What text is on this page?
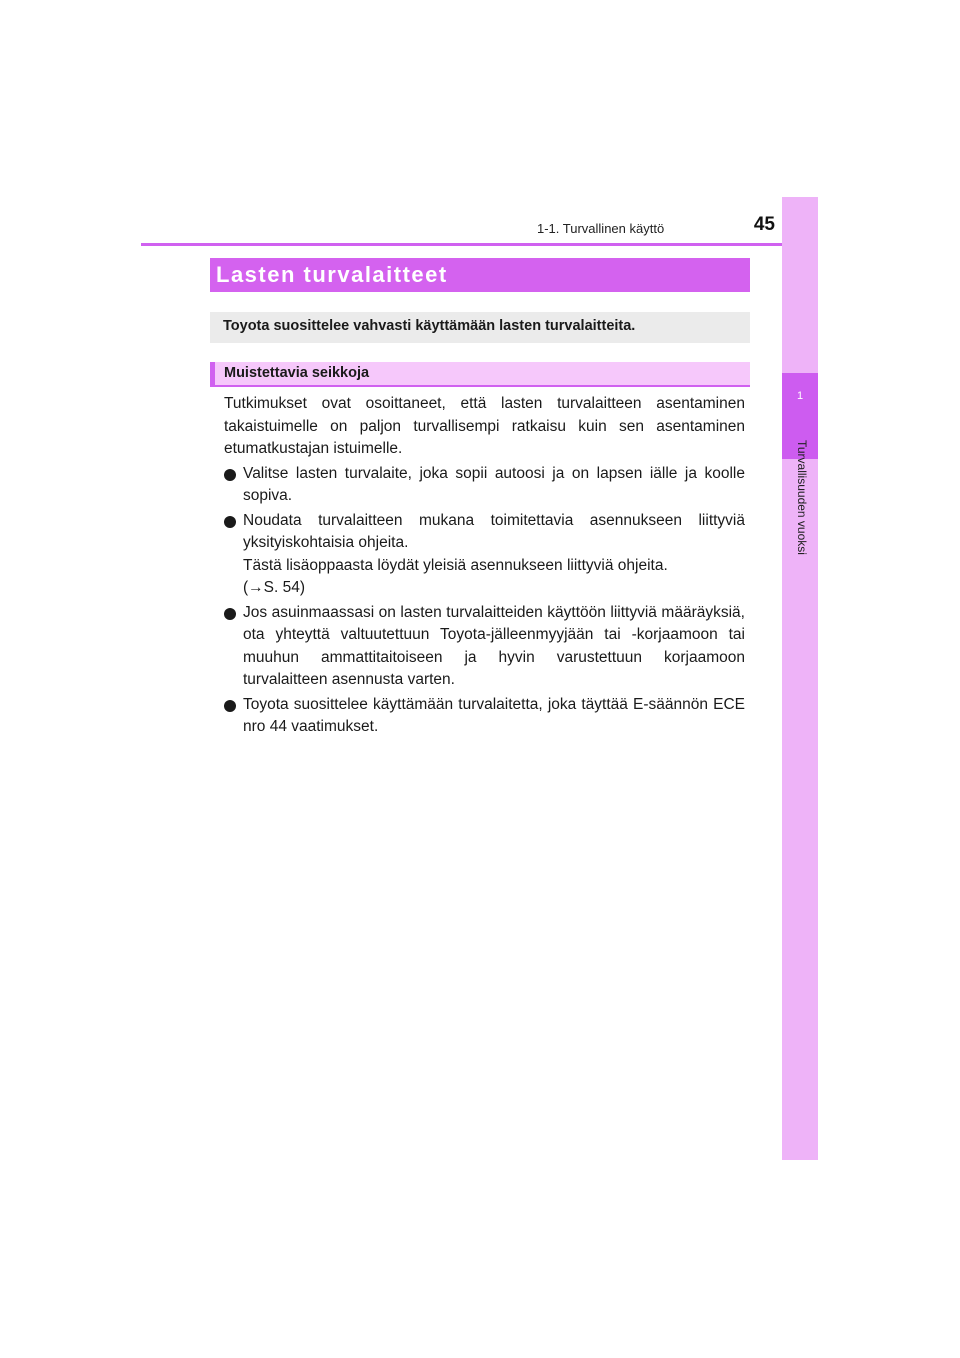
1-1. Turvallinen käyttö	45
1
Turvallisuuden vuoksi
Lasten turvalaitteet
Toyota suosittelee vahvasti käyttämään lasten turvalaitteita.
Muistettavia seikkoja

Tutkimukset ovat osoittaneet, että lasten turvalaitteen asentaminen takaistuimelle on paljon turvallisempi ratkaisu kuin sen asentaminen etumatkustajan istuimelle.

Valitse lasten turvalaite, joka sopii autoosi ja on lapsen iälle ja koolle sopiva.
Noudata turvalaitteen mukana toimitettavia asennukseen liittyviä yksityiskohtaisia ohjeita.
Tästä lisäoppaasta löydät yleisiä asennukseen liittyviä ohjeita.
(→S. 54)
Jos asuinmaassasi on lasten turvalaitteiden käyttöön liittyviä määräyksiä, ota yhteyttä valtuutettuun Toyota-jälleenmyyjään tai -korjaamoon tai muuhun ammattitaitoiseen ja hyvin varustettuun korjaamoon turvalaitteen asennusta varten.
Toyota suosittelee käyttämään turvalaitetta, joka täyttää E-säännön ECE nro 44 vaatimukset.
